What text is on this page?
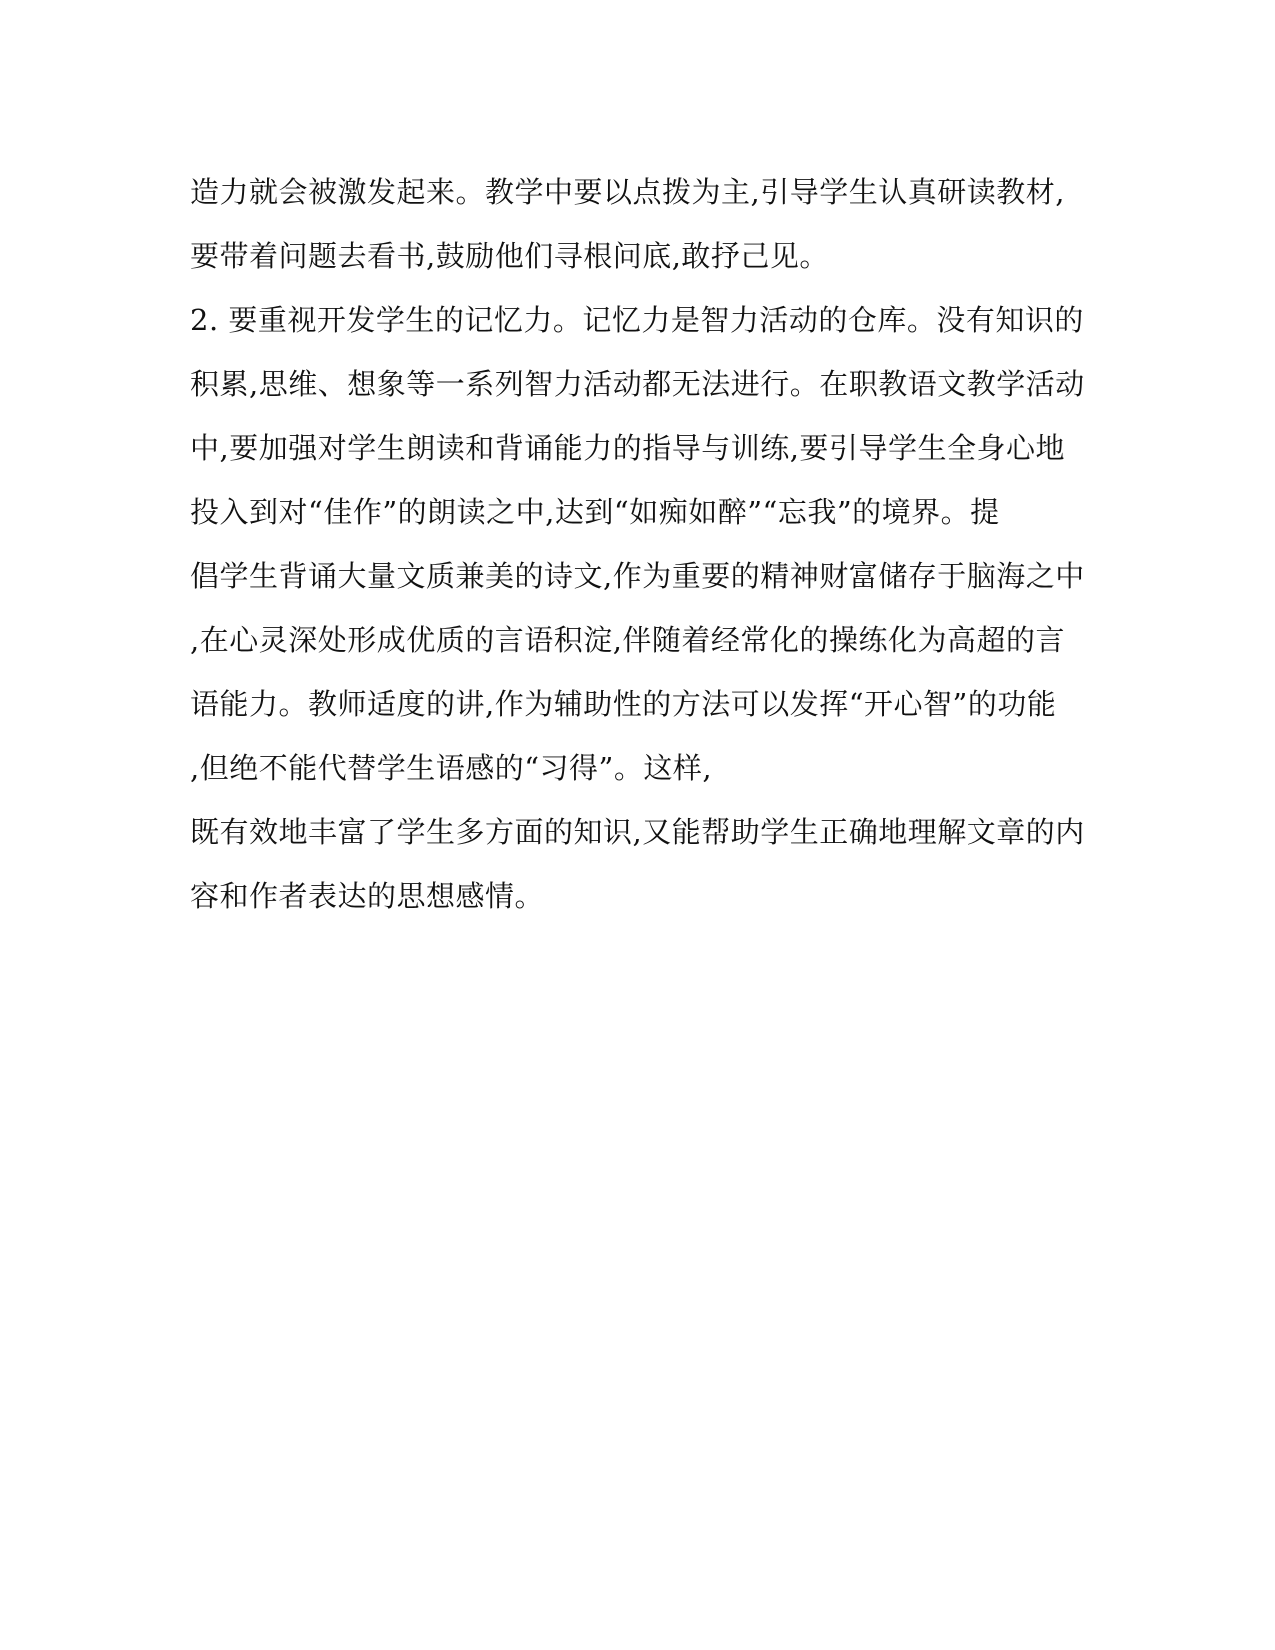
造力就会被激发起来。教学中要以点拨为主,引导学生认真研读教材,
要带着问题去看书,鼓励他们寻根问底,敢抒己见。
2. 要重视开发学生的记忆力。记忆力是智力活动的仓库。没有知识的
积累,思维、想象等一系列智力活动都无法进行。在职教语文教学活动
中,要加强对学生朗读和背诵能力的指导与训练,要引导学生全身心地
投入到对“佳作”的朗读之中,达到“如痴如醉”“忘我”的境界。提
倡学生背诵大量文质兼美的诗文,作为重要的精神财富储存于脑海之中
,在心灵深处形成优质的言语积淀,伴随着经常化的操练化为高超的言
语能力。教师适度的讲,作为辅助性的方法可以发挥“开心智”的功能
,但绝不能代替学生语感的“习得”。这样,
既有效地丰富了学生多方面的知识,又能帮助学生正确地理解文章的内
容和作者表达的思想感情。
